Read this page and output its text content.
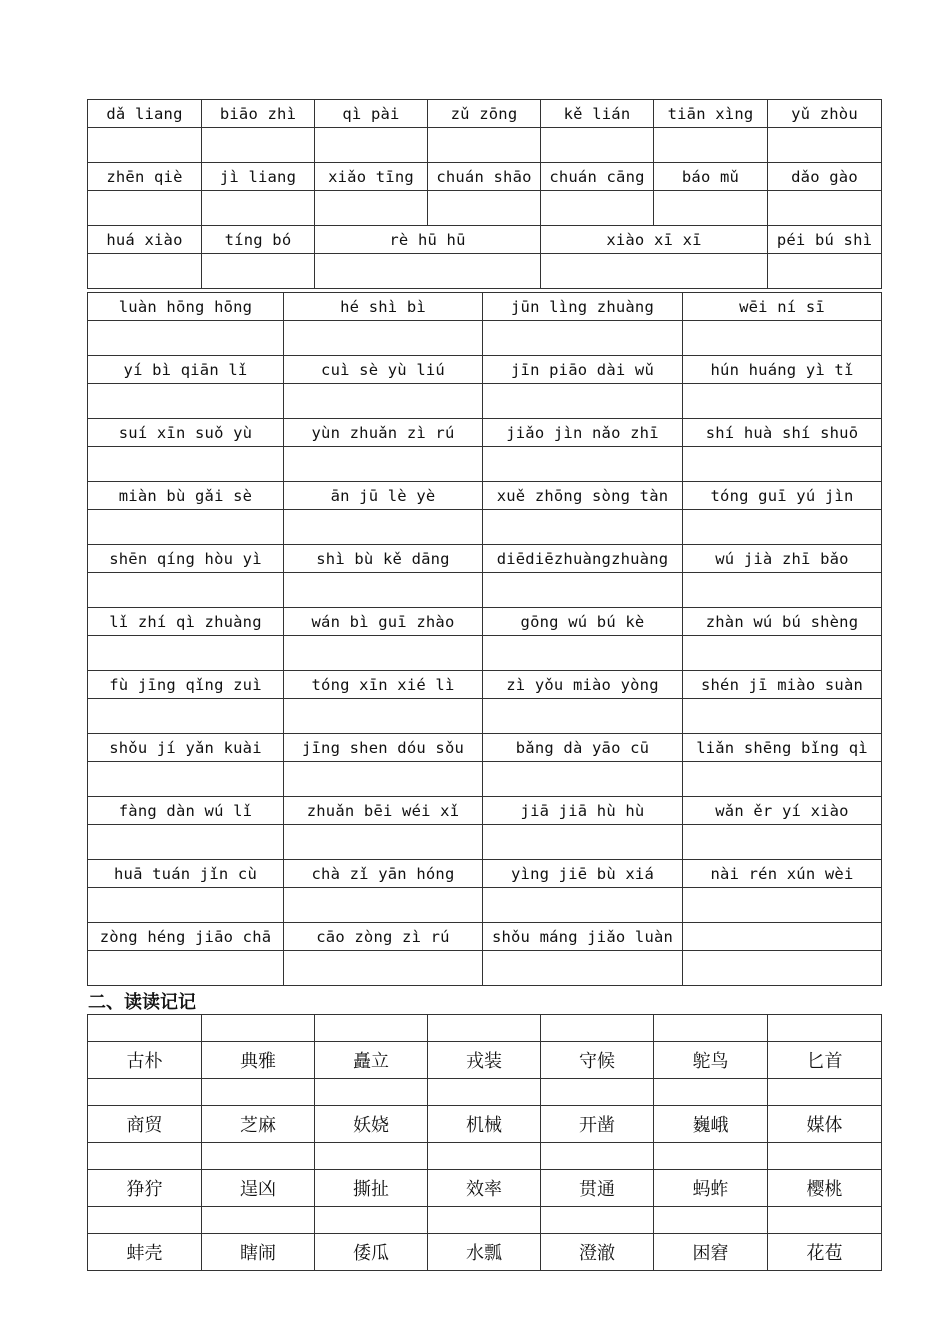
dǎ liang	biāo zhì	qì pài	zǔ zōng	kě lián	tiān xìng	yǔ zhòu

zhēn qiè	jì liang	xiǎo tīng	chuán shāo	chuán cāng	báo mǔ	dǎo gào

huá xiào	tíng bó	rè hū hū		xiào xī xī		péi bú shì

luàn hōng hōng	hé shì bì	jūn lìng zhuàng	wēi ní sī

yí bì qiān lǐ	cuì sè yù liú	jīn piāo dài wǔ	hún huáng yì tǐ

suí xīn suǒ yù	yùn zhuǎn zì rú	jiǎo jìn nǎo zhī	shí huà shí shuō

miàn bù gǎi sè	ān jū lè yè	xuě zhōng sòng tàn	tóng guī yú jìn

shēn qíng hòu yì	shì bù kě dāng	diēdiēzhuàngzhuàng	wú jià zhī bǎo

lǐ zhí qì zhuàng	wán bì guī zhào	gōng wú bú kè	zhàn wú bú shèng

fù jīng qǐng zuì	tóng xīn xié lì	zì yǒu miào yòng	shén jī miào suàn

shǒu jí yǎn kuài	jīng shen dóu sǒu	bǎng dà yāo cū	liǎn shēng bǐng qì

fàng dàn wú lǐ	zhuǎn bēi wéi xǐ	jiā jiā hù hù	wǎn ěr yí xiào

huā tuán jǐn cù	chà zǐ yān hóng	yìng jiē bù xiá	nài rén xún wèi

zòng héng jiāo chā	cāo zòng zì rú	shǒu máng jiǎo luàn	

二、读读记记

古朴	典雅	矗立	戎装	守候	鸵鸟	匕首

商贸	芝麻	妖娆	机械	开凿	巍峨	媒体

狰狞	逞凶	撕扯	效率	贯通	蚂蚱	樱桃

蚌壳	瞎闹	倭瓜	水瓢	澄澈	困窘	花苞
